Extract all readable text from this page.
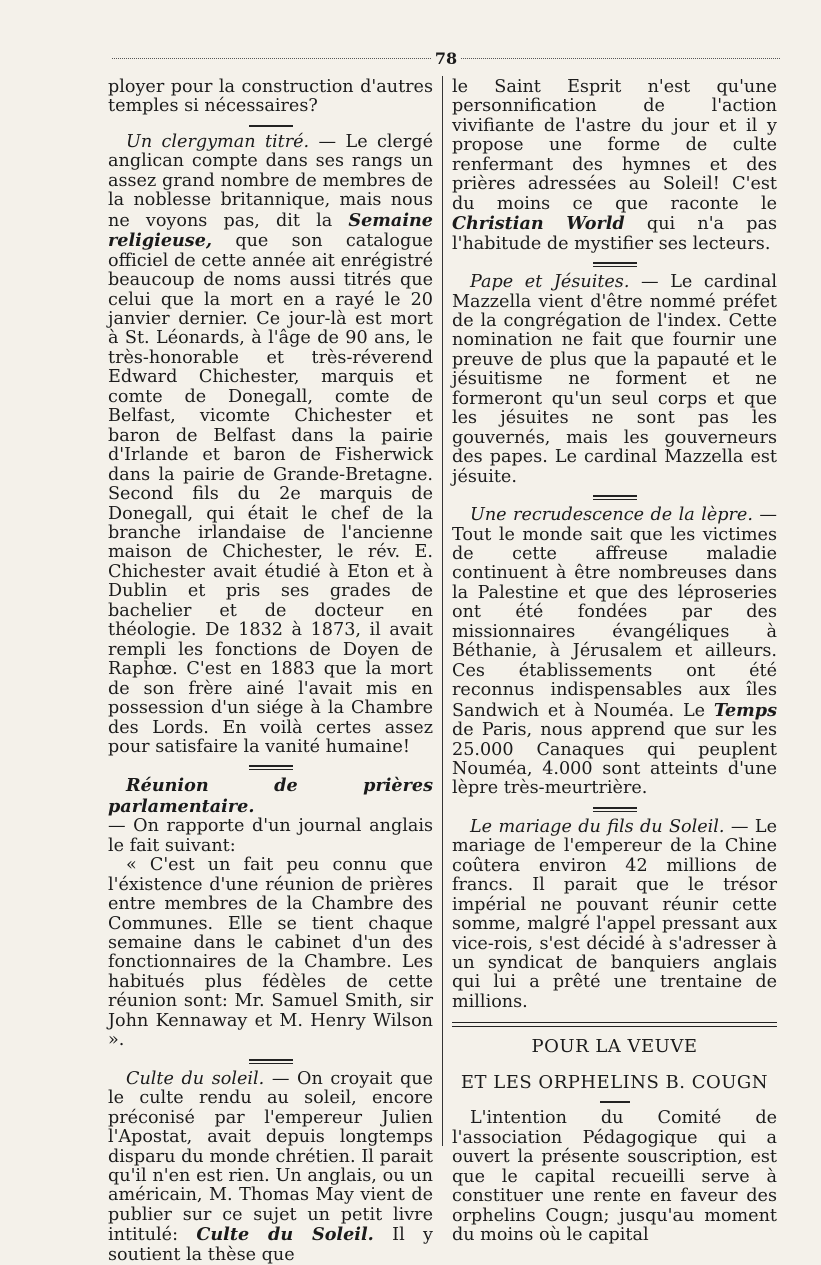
78

ployer pour la construction d'autres temples si nécessaires?

Un clergyman titré. — Le clergé anglican compte dans ses rangs un assez grand nombre de membres de la noblesse britannique, mais nous ne voyons pas, dit la Semaine religieuse, que son catalogue officiel de cette année ait enrégistré beaucoup de noms aussi titrés que celui que la mort en a rayé le 20 janvier dernier. Ce jour-là est mort à St. Léonards, à l'âge de 90 ans, le très-honorable et très-réverend Edward Chichester, marquis et comte de Donegall, comte de Belfast, vicomte Chichester et baron de Belfast dans la pairie d'Irlande et baron de Fisherwick dans la pairie de Grande-Bretagne. Second fils du 2e marquis de Donegall, qui était le chef de la branche irlandaise de l'ancienne maison de Chichester, le rév. E. Chichester avait étudié à Eton et à Dublin et pris ses grades de bachelier et de docteur en théologie. De 1832 à 1873, il avait rempli les fonctions de Doyen de Raphœ. C'est en 1883 que la mort de son frère ainé l'avait mis en possession d'un siége à la Chambre des Lords. En voilà certes assez pour satisfaire la vanité humaine!

Réunion de prières parlamentaire.

— On rapporte d'un journal anglais le fait suivant:

« C'est un fait peu connu que l'éxistence d'une réunion de prières entre membres de la Chambre des Communes. Elle se tient chaque semaine dans le cabinet d'un des fonctionnaires de la Chambre. Les habitués plus fédèles de cette réunion sont: Mr. Samuel Smith, sir John Kennaway et M. Henry Wilson ».

Culte du soleil. — On croyait que le culte rendu au soleil, encore préconisé par l'empereur Julien l'Apostat, avait depuis longtemps disparu du monde chrétien. Il parait qu'il n'en est rien. Un anglais, ou un américain, M. Thomas May vient de publier sur ce sujet un petit livre intitulé: Culte du Soleil. Il y soutient la thèse que

le Saint Esprit n'est qu'une personnification de l'action vivifiante de l'astre du jour et il y propose une forme de culte renfermant des hymnes et des prières adressées au Soleil! C'est du moins ce que raconte le Christian World qui n'a pas l'habitude de mystifier ses lecteurs.

Pape et Jésuites. — Le cardinal Mazzella vient d'être nommé préfet de la congrégation de l'index. Cette nomination ne fait que fournir une preuve de plus que la papauté et le jésuitisme ne forment et ne formeront qu'un seul corps et que les jésuites ne sont pas les gouvernés, mais les gouverneurs des papes. Le cardinal Mazzella est jésuite.

Une recrudescence de la lèpre. — Tout le monde sait que les victimes de cette affreuse maladie continuent à être nombreuses dans la Palestine et que des léproseries ont été fondées par des missionnaires évangéliques à Béthanie, à Jérusalem et ailleurs. Ces établissements ont été reconnus indispensables aux îles Sandwich et à Nouméa. Le Temps de Paris, nous apprend que sur les 25.000 Canaques qui peuplent Nouméa, 4.000 sont atteints d'une lèpre très-meurtrière.

Le mariage du fils du Soleil. — Le mariage de l'empereur de la Chine coûtera environ 42 millions de francs. Il parait que le trésor impérial ne pouvant réunir cette somme, malgré l'appel pressant aux vice-rois, s'est décidé à s'adresser à un syndicat de banquiers anglais qui lui a prêté une trentaine de millions.

POUR LA VEUVE
ET LES ORPHELINS B. COUGN

L'intention du Comité de l'association Pédagogique qui a ouvert la présente souscription, est que le capital recueilli serve à constituer une rente en faveur des orphelins Cougn; jusqu'au moment du moins où le capital
